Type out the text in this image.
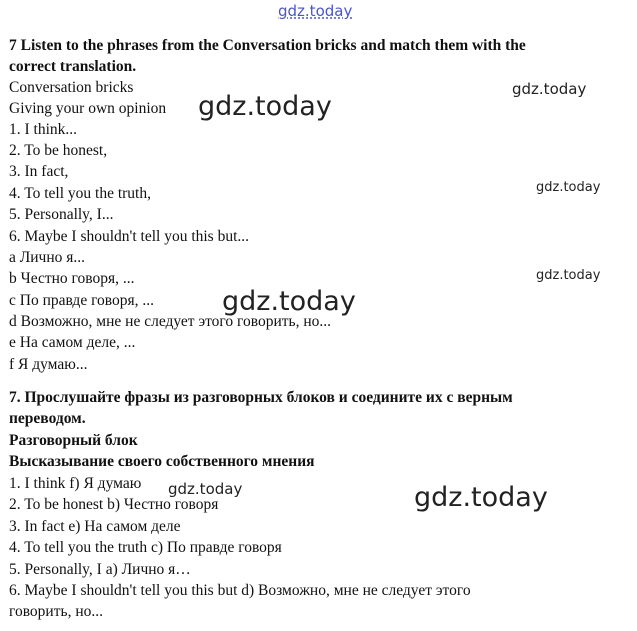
gdz.today
gdz.today
gdz.today
gdz.today
gdz.today
gdz.today
gdz.today	gdz.today
7 Listen to the phrases from the Conversation bricks and match them with the
correct translation.
Conversation bricks
Giving your own opinion
1. I think...
2. To be honest,
3. In fact,
4. To tell you the truth,
5. Personally, I...
6. Maybe I shouldn't tell you this but...
a Лично я...
b Честно говоря, ...
c По правде говоря, ...
d Возможно, мне не следует этого говорить, но...
e На самом деле, ...
f Я думаю...
7. Прослушайте фразы из разговорных блоков и соедините их с верным
переводом.
Разговорный блок
Высказывание своего собственного мнения
1. I think f) Я думаю
2. To be honest b) Честно говоря
3. In fact e) На самом деле
4. To tell you the truth c) По правде говоря
5. Personally, I a) Лично я…
6. Maybe I shouldn't tell you this but d) Возможно, мне не следует этого
говорить, но...
